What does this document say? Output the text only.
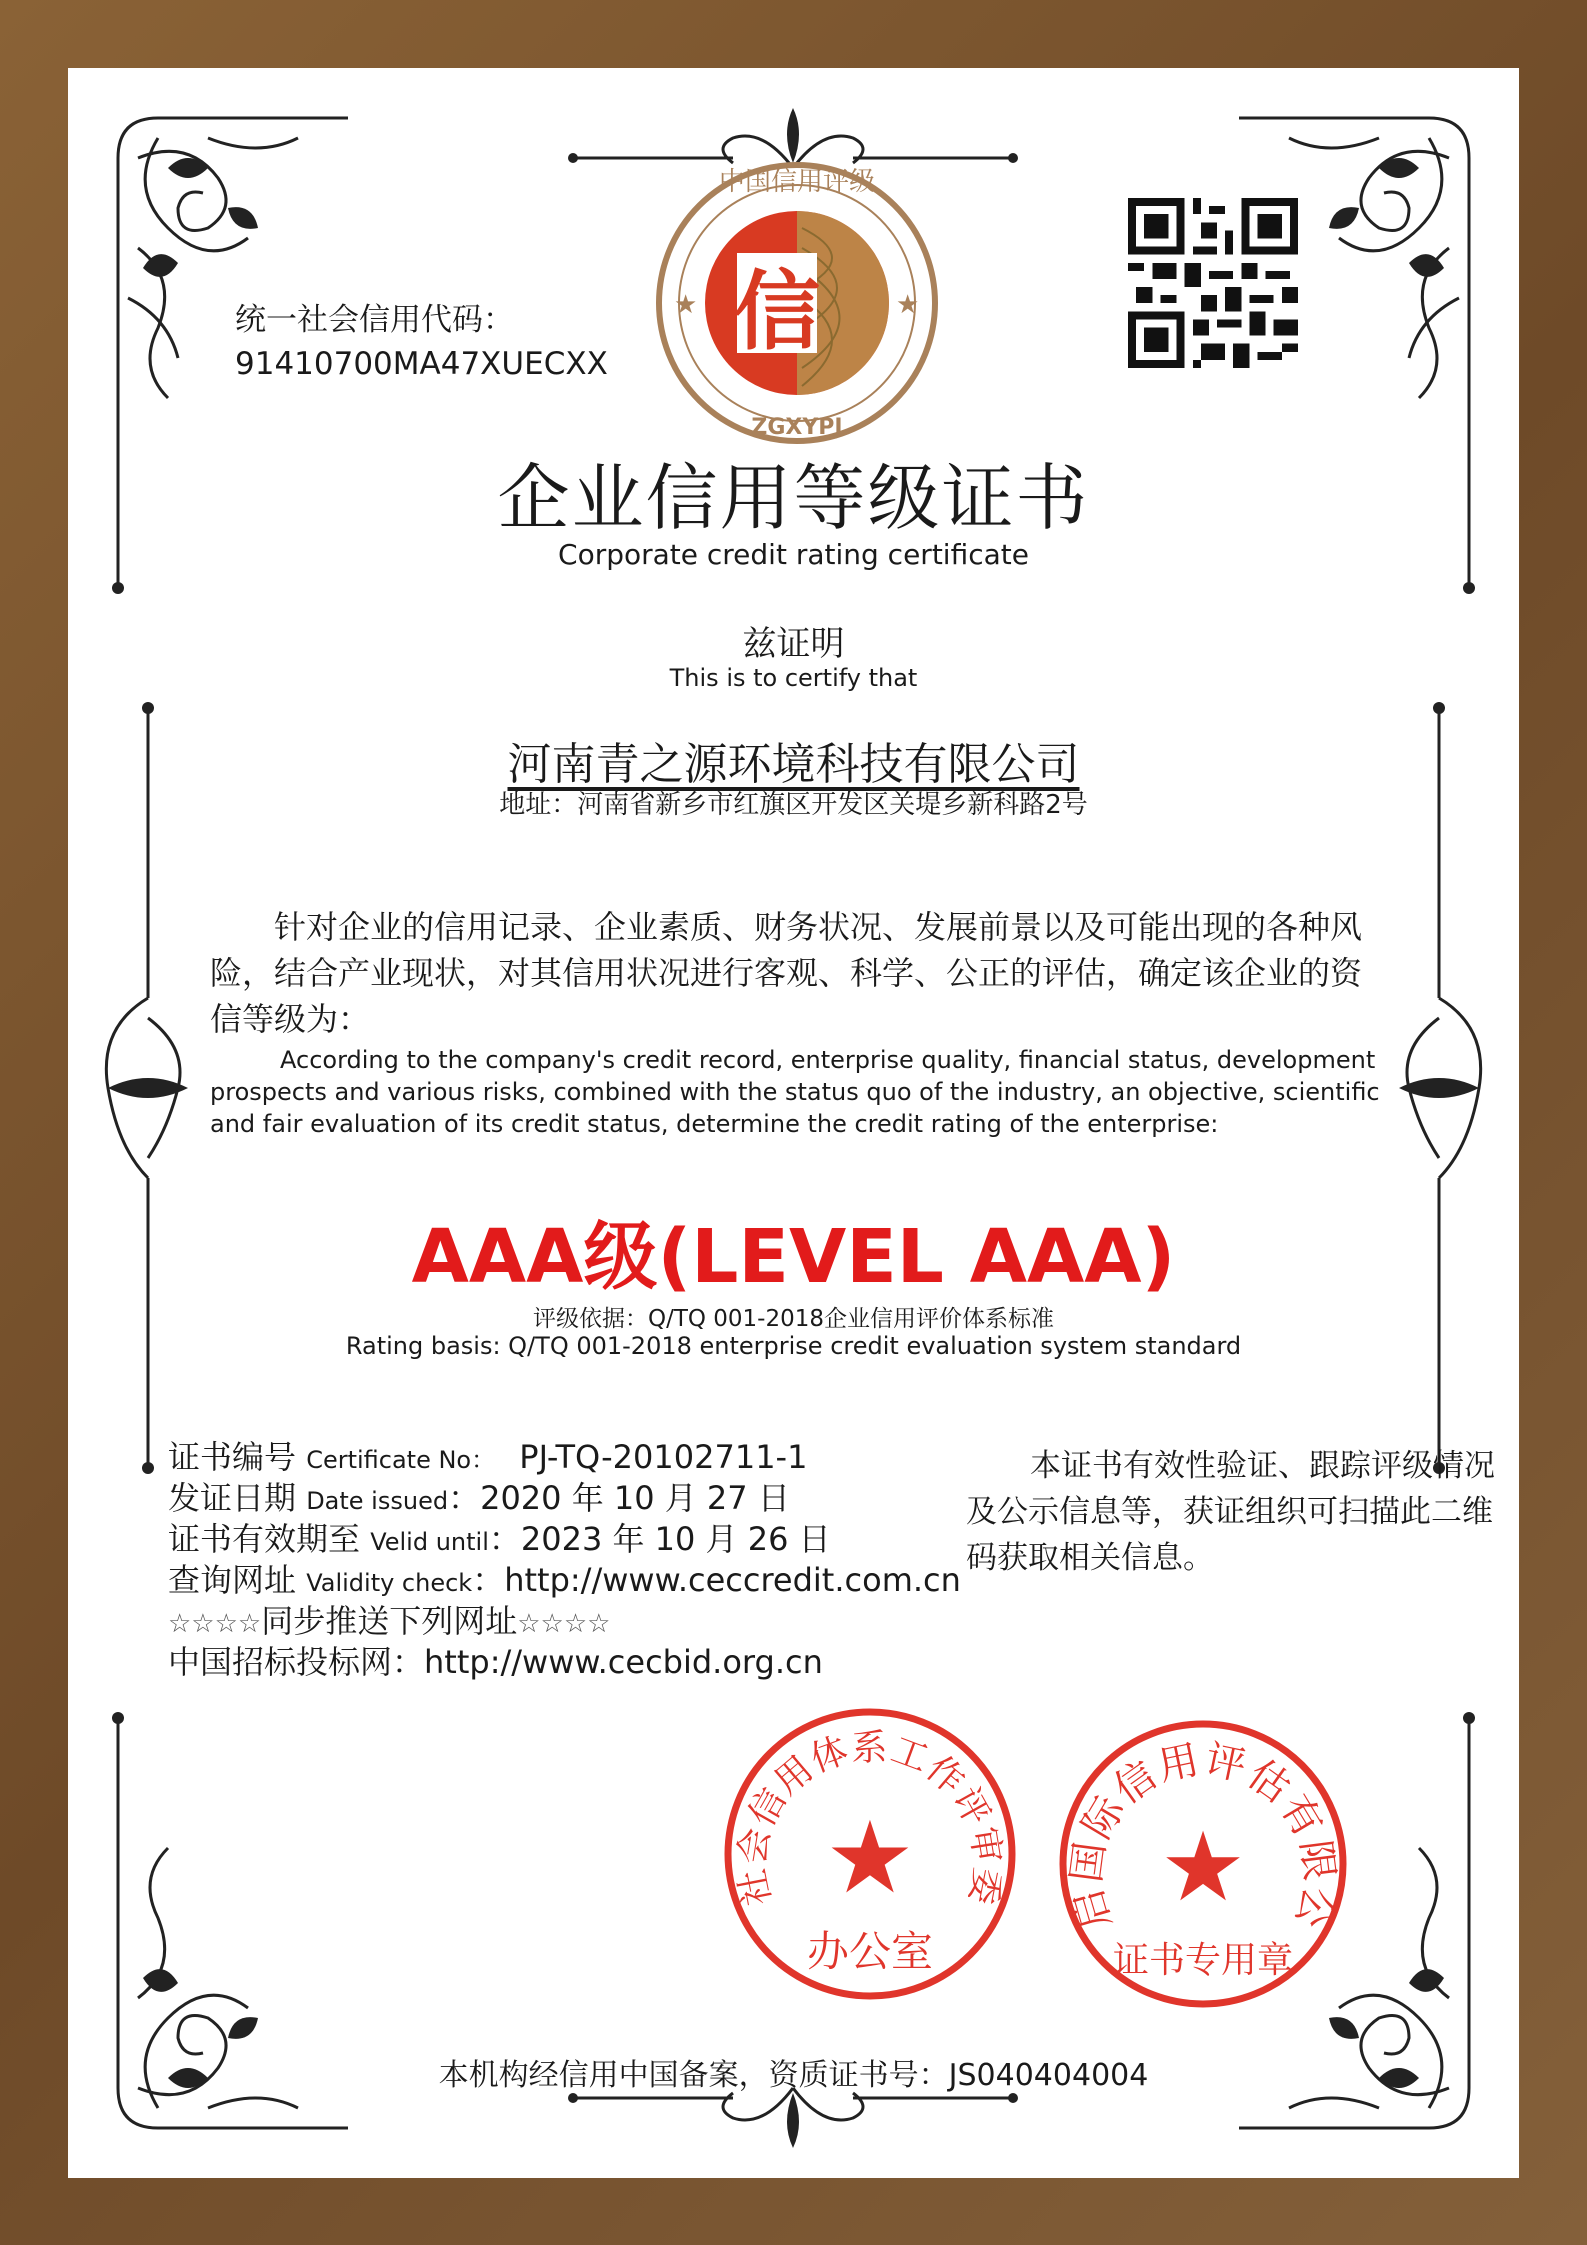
统一社会信用代码：
91410700MA47XUECXX
中国信用评级
信
ZGXYPJ
★	★
企业信用等级证书
Corporate credit rating certificate
兹证明
This is to certify that
河南青之源环境科技有限公司
地址：河南省新乡市红旗区开发区关堤乡新科路2号
针对企业的信用记录、企业素质、财务状况、发展前景以及可能出现的各种风险，结合产业现状，对其信用状况进行客观、科学、公正的评估，确定该企业的资信等级为：
According to the company's credit record, enterprise quality, financial status, development prospects and various risks, combined with the status quo of the industry, an objective, scientific and fair evaluation of its credit status, determine the credit rating of the enterprise:
AAA级(LEVEL AAA)
评级依据：Q/TQ 001-2018企业信用评价体系标准
Rating basis: Q/TQ 001-2018 enterprise credit evaluation system standard
证书编号 Certificate No： PJ-TQ-20102711-1
发证日期 Date issued：2020 年 10 月 27 日
证书有效期至 Velid until：2023 年 10 月 26 日
查询网址 Validity check：http://www.ceccredit.com.cn
☆☆☆☆同步推送下列网址☆☆☆☆
中国招标投标网：http://www.cecbid.org.cn
本证书有效性验证、跟踪评级情况及公示信息等，获证组织可扫描此二维码获取相关信息。
社会信用体系工作评审委
★
办公室
启国际信用评估有限公
★
证书专用章
本机构经信用中国备案，资质证书号：JS040404004
